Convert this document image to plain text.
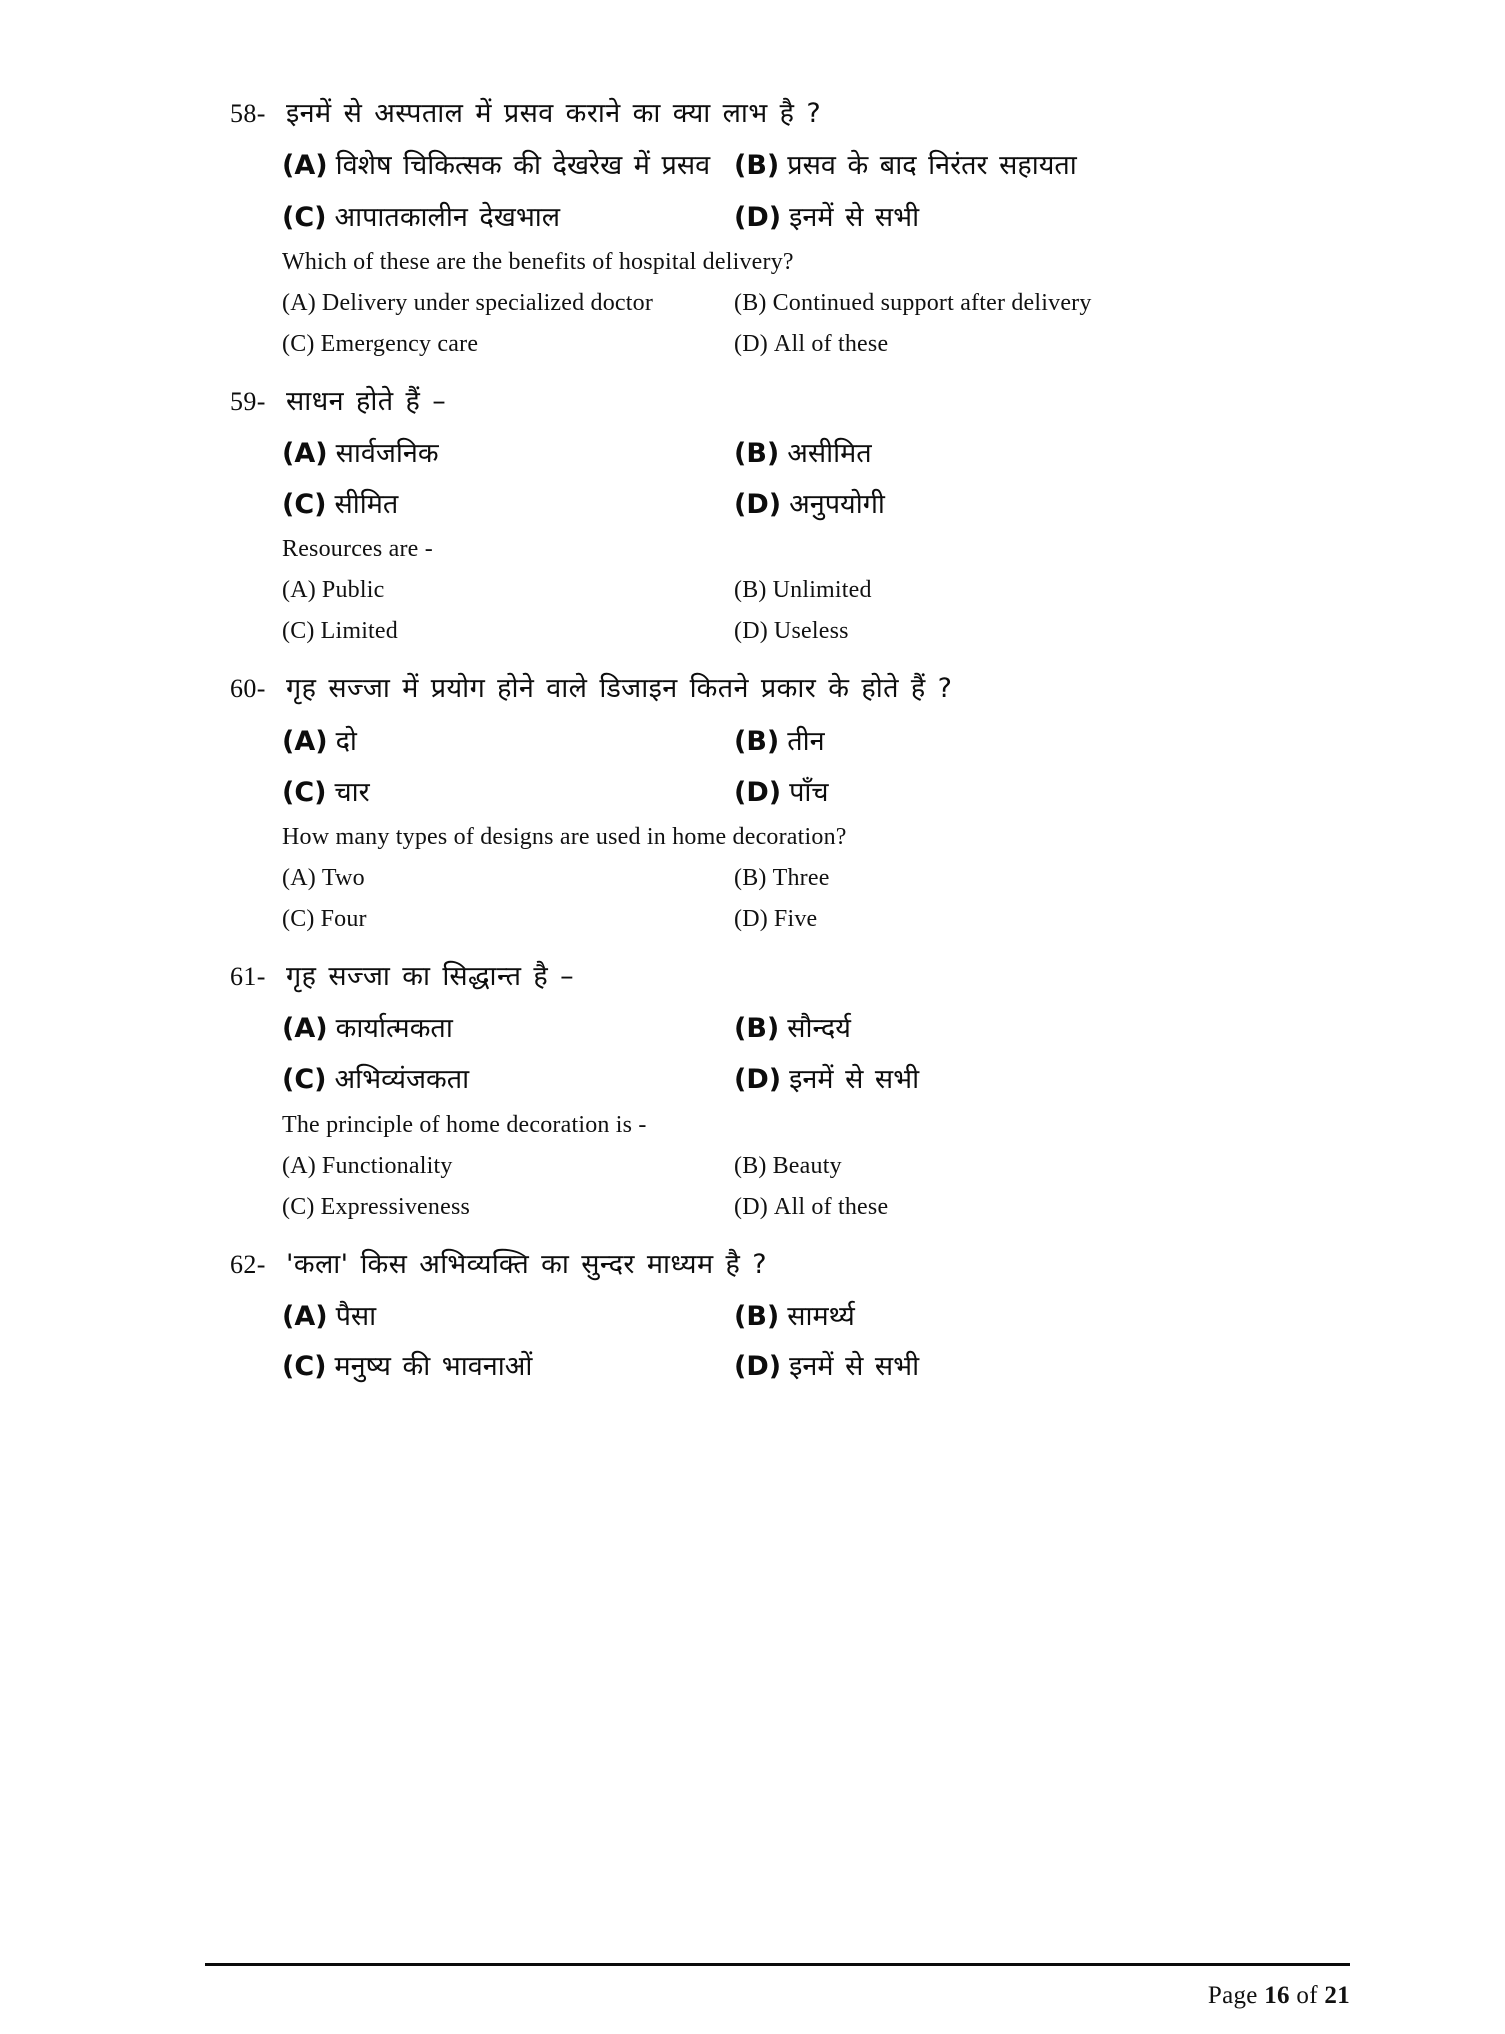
58- इनमें से अस्पताल में प्रसव कराने का क्या लाभ है ?
(A) विशेष चिकित्सक की देखरेख में प्रसव (B) प्रसव के बाद निरंतर सहायता
(C) आपातकालीन देखभाल	(D) इनमें से सभी
Which of these are the benefits of hospital delivery?
(A) Delivery under specialized doctor	(B) Continued support after delivery
(C) Emergency care	(D) All of these
59- साधन होते हैं –
(A) सार्वजनिक	(B) असीमित
(C) सीमित	(D) अनुपयोगी
Resources are -
(A) Public	(B) Unlimited
(C) Limited	(D) Useless
60- गृह सज्जा में प्रयोग होने वाले डिजाइन कितने प्रकार के होते हैं ?
(A) दो	(B) तीन
(C) चार	(D) पाँच
How many types of designs are used in home decoration?
(A) Two	(B) Three
(C) Four	(D) Five
61- गृह सज्जा का सिद्धान्त है –
(A) कार्यात्मकता	(B) सौन्दर्य
(C) अभिव्यंजकता	(D) इनमें से सभी
The principle of home decoration is -
(A) Functionality	(B) Beauty
(C) Expressiveness	(D) All of these
62- 'कला' किस अभिव्यक्ति का सुन्दर माध्यम है ?
(A) पैसा	(B) सामर्थ्य
(C) मनुष्य की भावनाओं	(D) इनमें से सभी
Page 16 of 21
